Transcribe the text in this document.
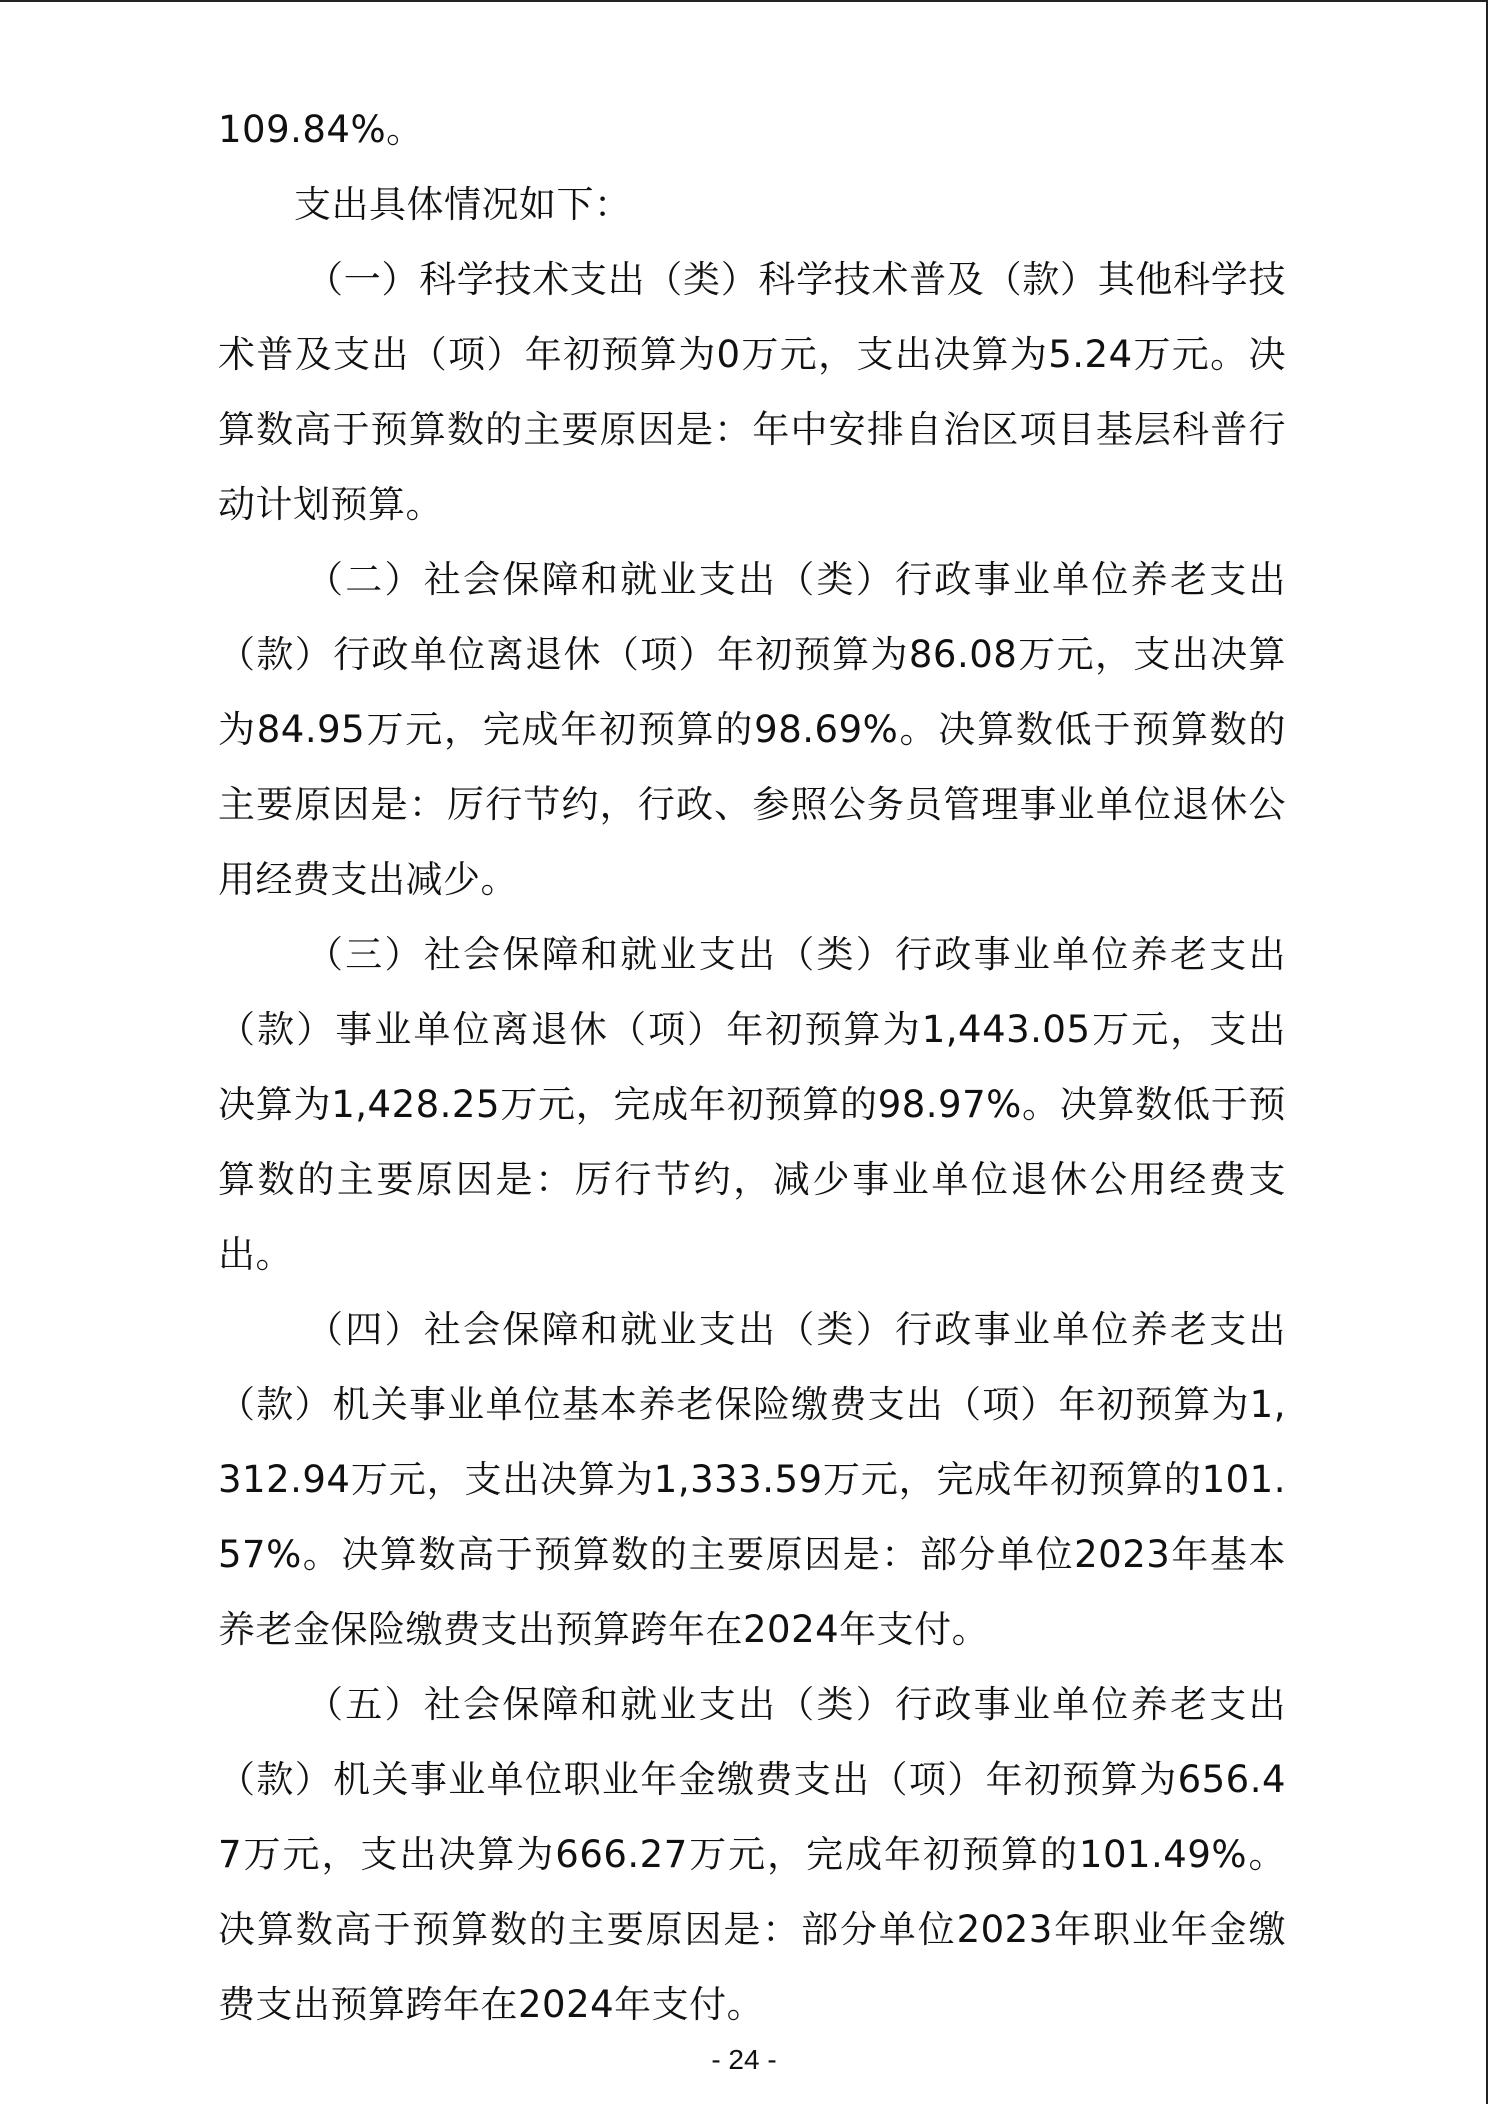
109.84%。

支出具体情况如下：

（一）科学技术支出（类）科学技术普及（款）其他科学技术普及支出（项）年初预算为0万元，支出决算为5.24万元。决算数高于预算数的主要原因是：年中安排自治区项目基层科普行动计划预算。

（二）社会保障和就业支出（类）行政事业单位养老支出（款）行政单位离退休（项）年初预算为86.08万元，支出决算为84.95万元，完成年初预算的98.69%。决算数低于预算数的主要原因是：厉行节约，行政、参照公务员管理事业单位退休公用经费支出减少。

（三）社会保障和就业支出（类）行政事业单位养老支出（款）事业单位离退休（项）年初预算为1,443.05万元，支出决算为1,428.25万元，完成年初预算的98.97%。决算数低于预算数的主要原因是：厉行节约，减少事业单位退休公用经费支出。

（四）社会保障和就业支出（类）行政事业单位养老支出（款）机关事业单位基本养老保险缴费支出（项）年初预算为1,312.94万元，支出决算为1,333.59万元，完成年初预算的101.57%。决算数高于预算数的主要原因是：部分单位2023年基本养老金保险缴费支出预算跨年在2024年支付。

（五）社会保障和就业支出（类）行政事业单位养老支出（款）机关事业单位职业年金缴费支出（项）年初预算为656.47万元，支出决算为666.27万元，完成年初预算的101.49%。决算数高于预算数的主要原因是：部分单位2023年职业年金缴费支出预算跨年在2024年支付。

- 24 -
